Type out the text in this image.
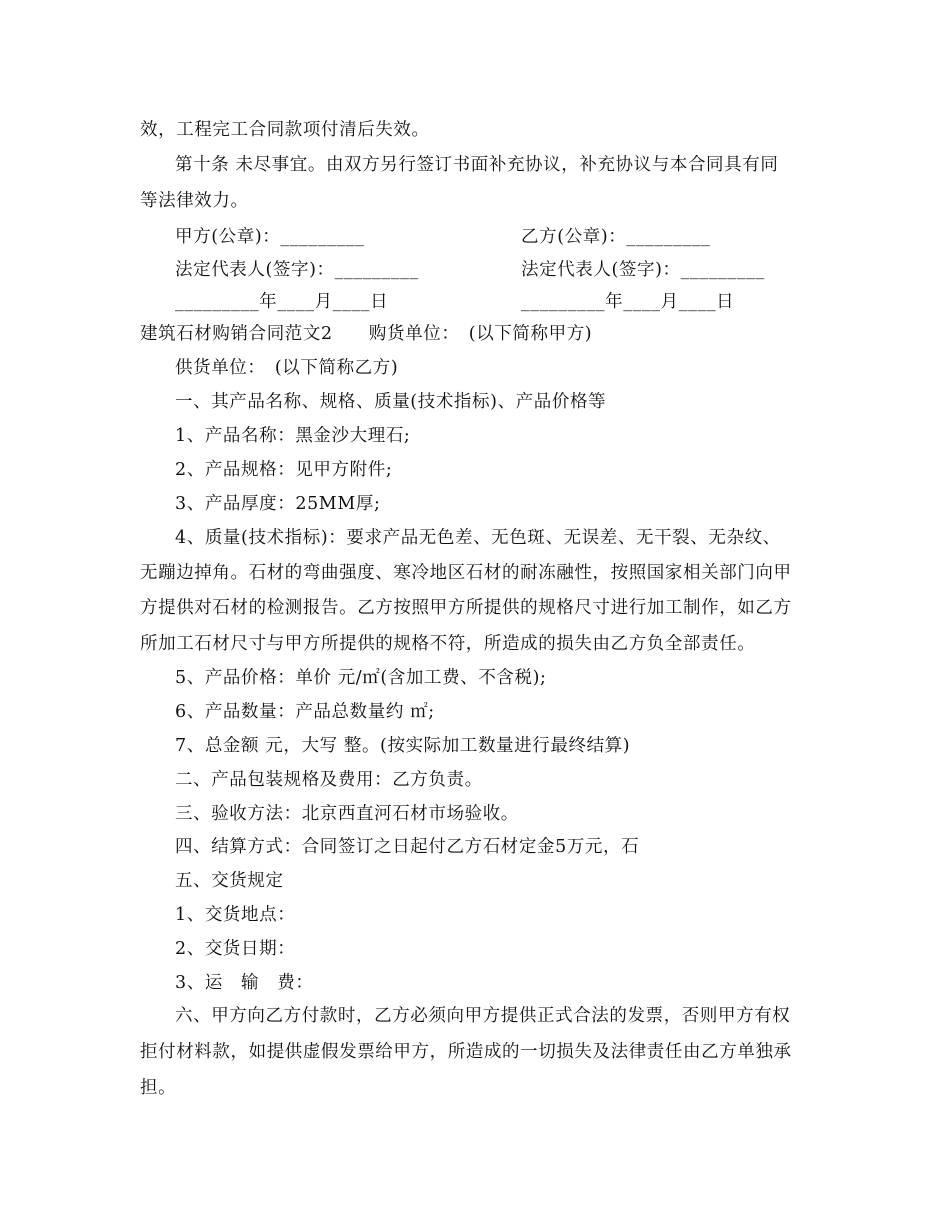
效，工程完工合同款项付清后失效。
第十条 未尽事宜。由双方另行签订书面补充协议，补充协议与本合同具有同
等法律效力。
甲方(公章)：_________	乙方(公章)：_________
法定代表人(签字)：_________	法定代表人(签字)：_________
_________年____月____日	_________年____月____日
建筑石材购销合同范文2　　购货单位：　(以下简称甲方)
供货单位：　(以下简称乙方)
一、其产品名称、规格、质量(技术指标)、产品价格等
1、产品名称：黑金沙大理石;
2、产品规格：见甲方附件;
3、产品厚度：25MM厚;
4、质量(技术指标)：要求产品无色差、无色斑、无误差、无干裂、无杂纹、
无蹦边掉角。石材的弯曲强度、寒冷地区石材的耐冻融性，按照国家相关部门向甲
方提供对石材的检测报告。乙方按照甲方所提供的规格尺寸进行加工制作，如乙方
所加工石材尺寸与甲方所提供的规格不符，所造成的损失由乙方负全部责任。
5、产品价格：单价 元/㎡(含加工费、不含税);
6、产品数量：产品总数量约 ㎡;
7、总金额 元，大写 整。(按实际加工数量进行最终结算)
二、产品包装规格及费用：乙方负责。
三、验收方法：北京西直河石材市场验收。
四、结算方式：合同签订之日起付乙方石材定金5万元，石
五、交货规定
1、交货地点：
2、交货日期：
3、运　输　费：
六、甲方向乙方付款时，乙方必须向甲方提供正式合法的发票，否则甲方有权
拒付材料款，如提供虚假发票给甲方，所造成的一切损失及法律责任由乙方单独承
担。
